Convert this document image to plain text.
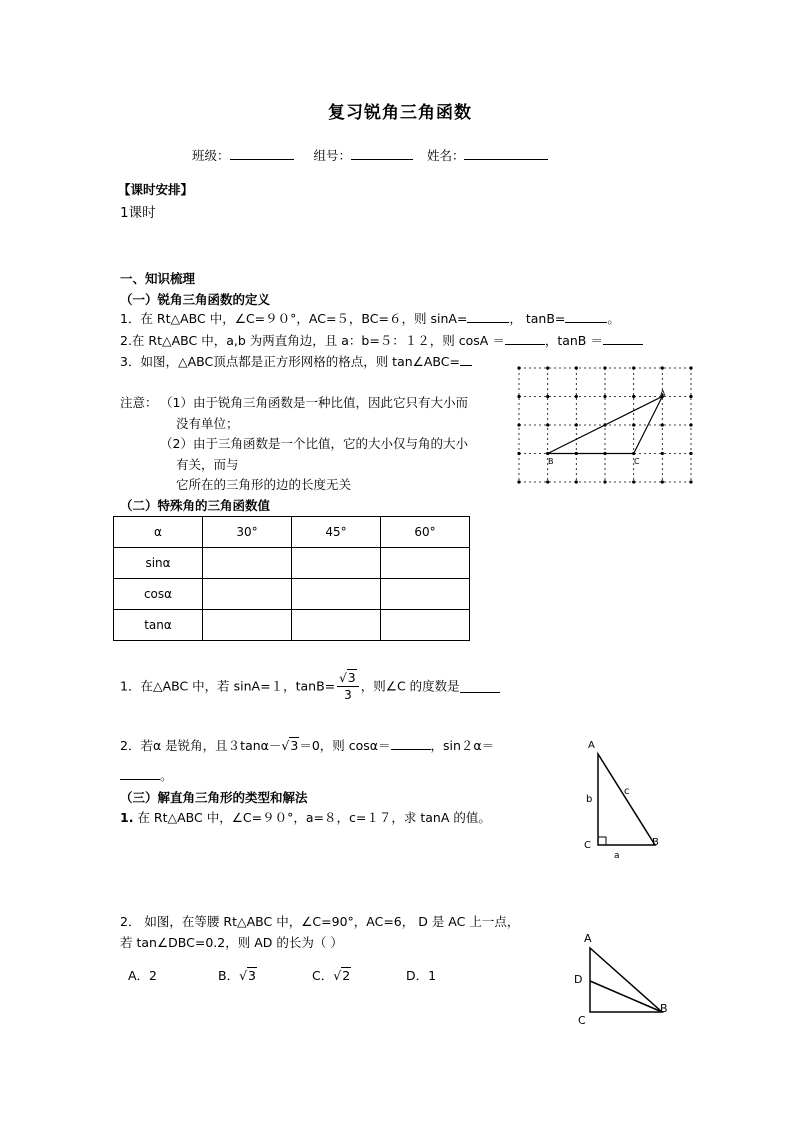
复习锐角三角函数
班级：	组号：	姓名：
【课时安排】
1课时
一、知识梳理
（一）锐角三角函数的定义
1．在 Rt△ABC 中，∠C=９０°，AC=５，BC=６，则 sinA=	， tanB=	。
2.在 Rt△ABC 中，a,b 为两直角边，且 a：b=５：１２，则 cosA ＝	，tanB ＝
3．如图，△ABC顶点都是正方形网格的格点，则 tan∠ABC=
注意： （1）由于锐角三角函数是一种比值，因此它只有大小而
没有单位；
（2）由于三角函数是一个比值，它的大小仅与角的大小
有关，而与
它所在的三角形的边的长度无关
A
B	C
（二）特殊角的三角函数值
α	30°	45°	60°
sinα			
cosα			
tanα			
1．在△ABC 中，若 sinA=１，$\tan B= \frac{√3}{3}$ ，则∠C 的度数是
2．若α 是锐角，且３tanα－√3＝0，则 cosα＝	，sin２α＝
。
（三）解直角三角形的类型和解法
1. 在 Rt△ABC 中，∠C=９０°，a=８，c=１７，求 tanA 的值。
A
b
c
C	B
a
2． 如图，在等腰 Rt△ABC 中，∠C=90°，AC=6， D 是 AC 上一点，
若 tan∠DBC=0.2，则 AD 的长为（ ）
A．2	B．√3	C．√2	D．1
A
D
C
B
